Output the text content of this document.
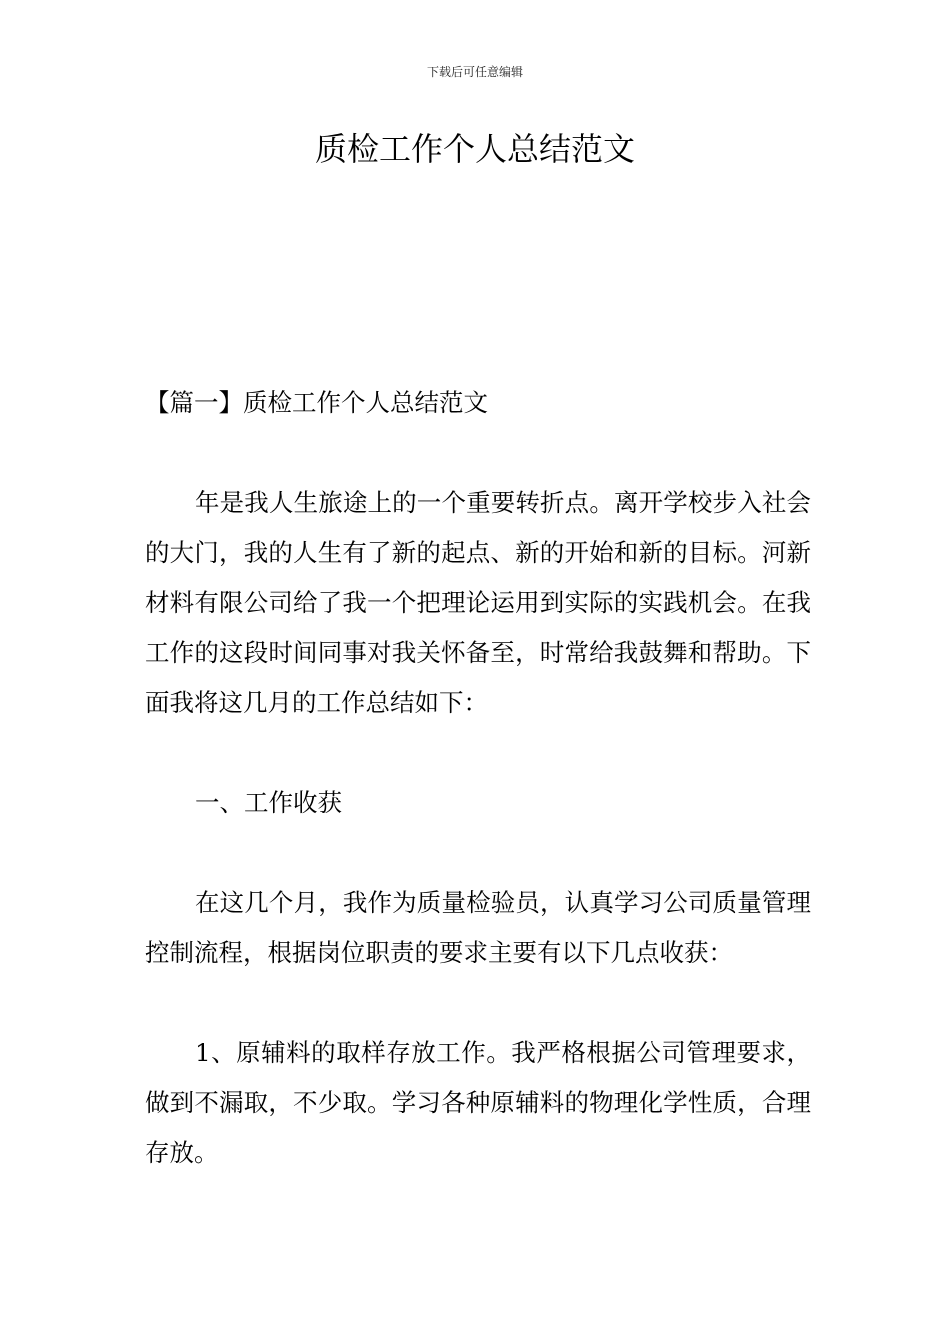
下载后可任意编辑
质检工作个人总结范文

【篇一】质检工作个人总结范文

年是我人生旅途上的一个重要转折点。离开学校步入社会的大门，我的人生有了新的起点、新的开始和新的目标。河新材料有限公司给了我一个把理论运用到实际的实践机会。在我工作的这段时间同事对我关怀备至，时常给我鼓舞和帮助。下面我将这几月的工作总结如下：

一、工作收获

在这几个月，我作为质量检验员，认真学习公司质量管理控制流程，根据岗位职责的要求主要有以下几点收获：

1、原辅料的取样存放工作。我严格根据公司管理要求，做到不漏取，不少取。学习各种原辅料的物理化学性质，合理存放。
